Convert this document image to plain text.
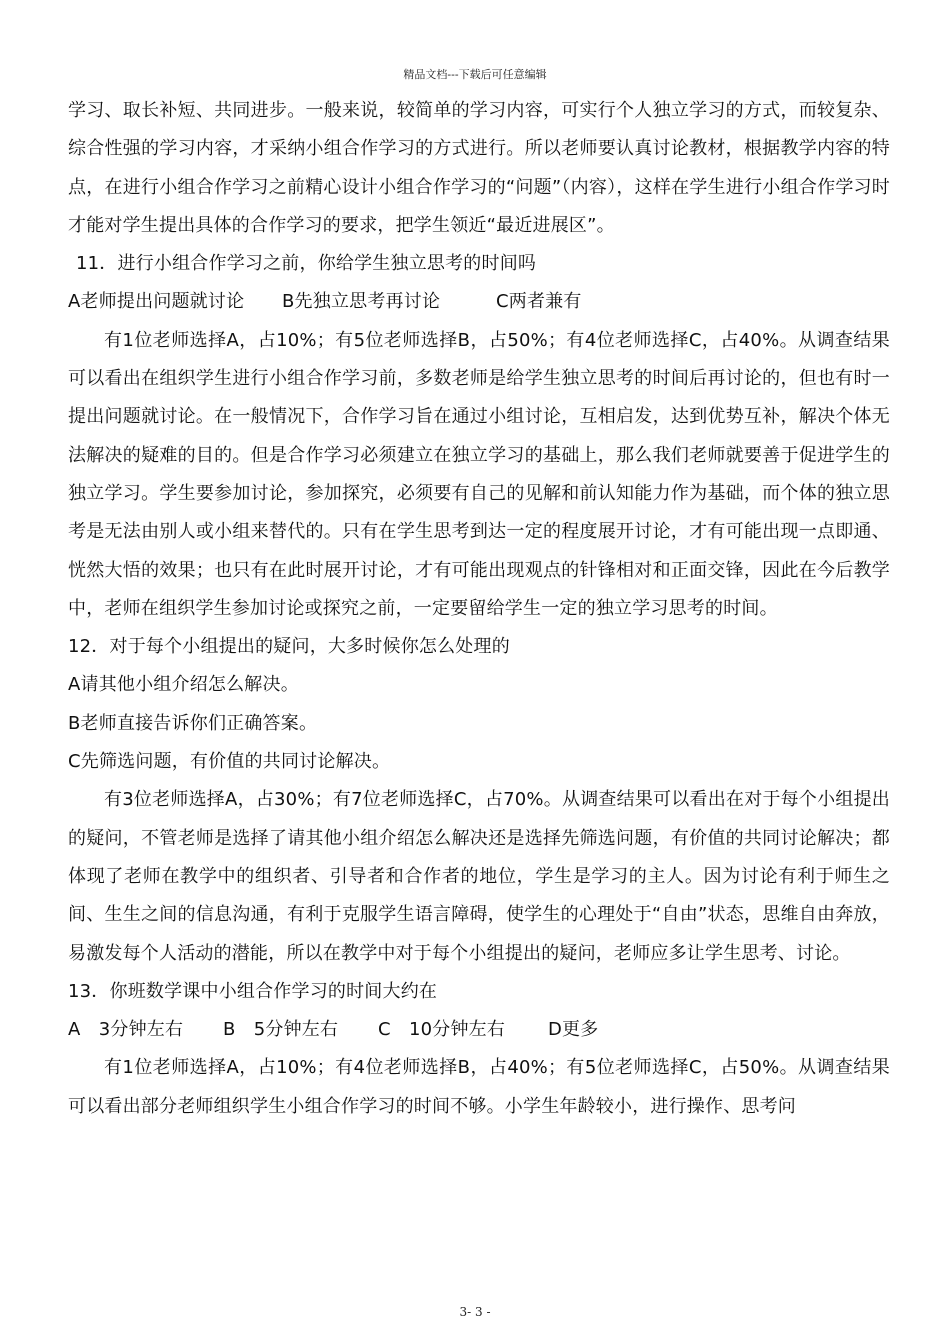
精品文档---下载后可任意编辑

学习、取长补短、共同进步。一般来说，较简单的学习内容，可实行个人独立学习的方式，而较复杂、综合性强的学习内容，才采纳小组合作学习的方式进行。所以老师要认真讨论教材，根据教学内容的特点，在进行小组合作学习之前精心设计小组合作学习的“问题”（内容），这样在学生进行小组合作学习时才能对学生提出具体的合作学习的要求，把学生领近“最近进展区”。

11．进行小组合作学习之前，你给学生独立思考的时间吗

A老师提出问题就讨论	B先独立思考再讨论	C两者兼有

有1位老师选择A，占10%；有5位老师选择B，占50%；有4位老师选择C，占40%。从调查结果可以看出在组织学生进行小组合作学习前，多数老师是给学生独立思考的时间后再讨论的，但也有时一提出问题就讨论。在一般情况下，合作学习旨在通过小组讨论，互相启发，达到优势互补，解决个体无法解决的疑难的目的。但是合作学习必须建立在独立学习的基础上，那么我们老师就要善于促进学生的独立学习。学生要参加讨论，参加探究，必须要有自己的见解和前认知能力作为基础，而个体的独立思考是无法由别人或小组来替代的。只有在学生思考到达一定的程度展开讨论，才有可能出现一点即通、恍然大悟的效果；也只有在此时展开讨论，才有可能出现观点的针锋相对和正面交锋，因此在今后教学中，老师在组织学生参加讨论或探究之前，一定要留给学生一定的独立学习思考的时间。

12．对于每个小组提出的疑问，大多时候你怎么处理的

A请其他小组介绍怎么解决。

B老师直接告诉你们正确答案。

C先筛选问题，有价值的共同讨论解决。

有3位老师选择A，占30%；有7位老师选择C，占70%。从调查结果可以看出在对于每个小组提出的疑问，不管老师是选择了请其他小组介绍怎么解决还是选择先筛选问题，有价值的共同讨论解决；都体现了老师在教学中的组织者、引导者和合作者的地位，学生是学习的主人。因为讨论有利于师生之间、生生之间的信息沟通，有利于克服学生语言障碍，使学生的心理处于“自由”状态，思维自由奔放，易激发每个人活动的潜能，所以在教学中对于每个小组提出的疑问，老师应多让学生思考、讨论。

13．你班数学课中小组合作学习的时间大约在

A　3分钟左右	B　5分钟左右	C　10分钟左右	D更多

有1位老师选择A，占10%；有4位老师选择B，占40%；有5位老师选择C，占50%。从调查结果可以看出部分老师组织学生小组合作学习的时间不够。小学生年龄较小，进行操作、思考问

3- 3 -
